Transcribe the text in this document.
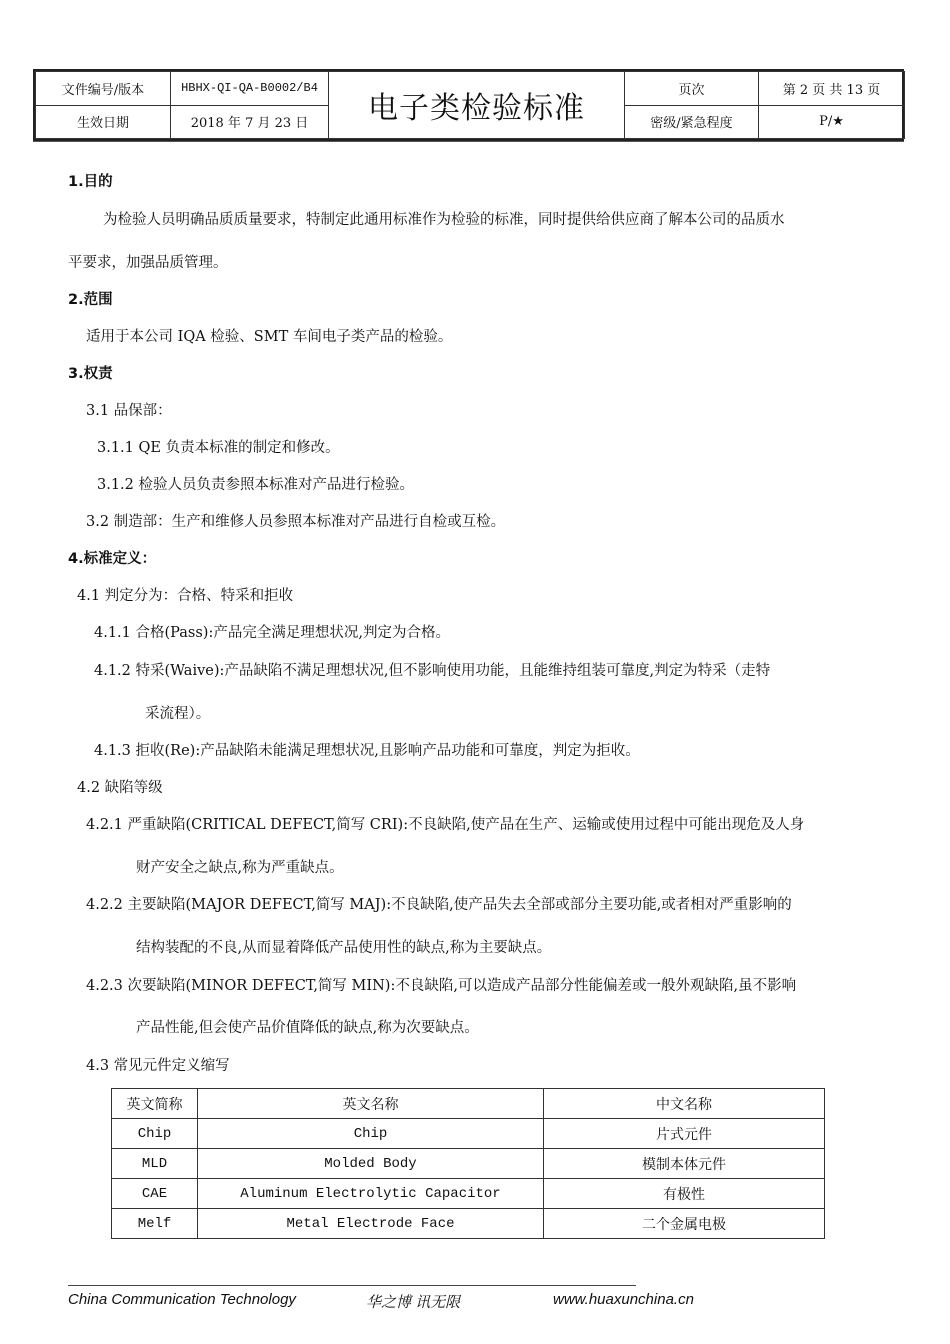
文件编号/版本	HBHX-QI-QA-B0002/B4	电子类检验标准	页次	第 2 页 共 13 页
生效日期	2018 年 7 月 23 日		密级/紧急程度	P/★
1.目的
为检验人员明确品质质量要求，特制定此通用标准作为检验的标准，同时提供给供应商了解本公司的品质水
平要求，加强品质管理。
2.范围
适用于本公司 IQA 检验、SMT 车间电子类产品的检验。
3.权责
3.1 品保部：
3.1.1 QE 负责本标准的制定和修改。
3.1.2 检验人员负责参照本标准对产品进行检验。
3.2 制造部：生产和维修人员参照本标准对产品进行自检或互检。
4.标准定义：
4.1 判定分为：合格、特采和拒收
4.1.1 合格(Pass):产品完全满足理想状况,判定为合格。
4.1.2 特采(Waive):产品缺陷不满足理想状况,但不影响使用功能，且能维持组装可靠度,判定为特采（走特
采流程）。
4.1.3 拒收(Re):产品缺陷未能满足理想状况,且影响产品功能和可靠度，判定为拒收。
4.2 缺陷等级
4.2.1 严重缺陷(CRITICAL DEFECT,简写 CRI):不良缺陷,使产品在生产、运输或使用过程中可能出现危及人身
财产安全之缺点,称为严重缺点。
4.2.2 主要缺陷(MAJOR DEFECT,简写 MAJ):不良缺陷,使产品失去全部或部分主要功能,或者相对严重影响的
结构装配的不良,从而显着降低产品使用性的缺点,称为主要缺点。
4.2.3 次要缺陷(MINOR DEFECT,简写 MIN):不良缺陷,可以造成产品部分性能偏差或一般外观缺陷,虽不影响
产品性能,但会使产品价值降低的缺点,称为次要缺点。
4.3 常见元件定义缩写
英文简称	英文名称	中文名称
Chip	Chip	片式元件
MLD	Molded Body	模制本体元件
CAE	Aluminum Electrolytic Capacitor	有极性
Melf	Metal Electrode Face	二个金属电极
China Communication Technology	华之博 讯无限	www.huaxunchina.cn
